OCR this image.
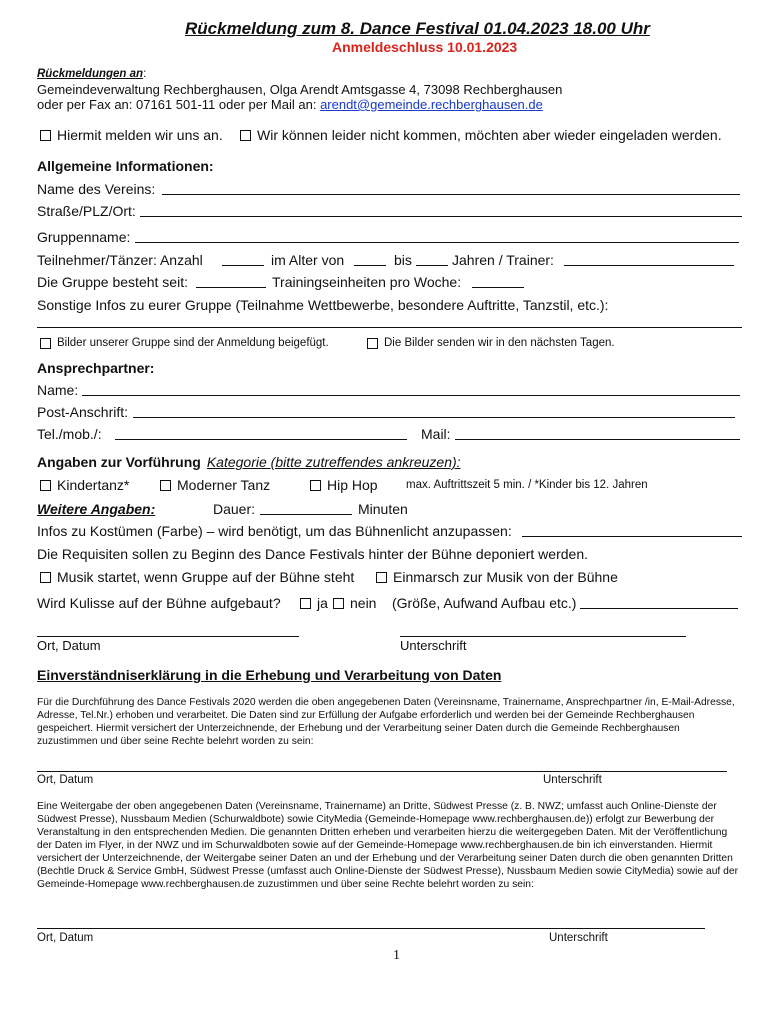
Rückmeldung zum 8. Dance Festival 01.04.2023 18.00 Uhr
Anmeldeschluss 10.01.2023
Rückmeldungen an:
Gemeindeverwaltung Rechberghausen, Olga Arendt Amtsgasse 4, 73098 Rechberghausen
oder per Fax an: 07161 501-11 oder per Mail an: arendt@gemeinde.rechberghausen.de
Hiermit melden wir uns an. Wir können leider nicht kommen, möchten aber wieder eingeladen werden.
Allgemeine Informationen:
Name des Vereins:
Straße/PLZ/Ort:
Gruppenname:
Teilnehmer/Tänzer: Anzahl	im Alter von	bis	Jahren / Trainer:
Die Gruppe besteht seit:	Trainingseinheiten pro Woche:
Sonstige Infos zu eurer Gruppe (Teilnahme Wettbewerbe, besondere Auftritte, Tanzstil, etc.):
Bilder unserer Gruppe sind der Anmeldung beigefügt.	Die Bilder senden wir in den nächsten Tagen.
Ansprechpartner:
Name:
Post-Anschrift:
Tel./mob./:	Mail:
Angaben zur Vorführung Kategorie (bitte zutreffendes ankreuzen):
Kindertanz*	Moderner Tanz	Hip Hop max. Auftrittszeit 5 min. / *Kinder bis 12. Jahren
Weitere Angaben:	Dauer:	Minuten
Infos zu Kostümen (Farbe) – wird benötigt, um das Bühnenlicht anzupassen:
Die Requisiten sollen zu Beginn des Dance Festivals hinter der Bühne deponiert werden.
Musik startet, wenn Gruppe auf der Bühne steht	Einmarsch zur Musik von der Bühne
Wird Kulisse auf der Bühne aufgebaut?	ja nein (Größe, Aufwand Aufbau etc.)
Ort, Datum	Unterschrift
Einverständniserklärung in die Erhebung und Verarbeitung von Daten
Für die Durchführung des Dance Festivals 2020 werden die oben angegebenen Daten (Vereinsname, Trainername, Ansprechpartner /in, E-Mail-Adresse, Adresse, Tel.Nr.) erhoben und verarbeitet. Die Daten sind zur Erfüllung der Aufgabe erforderlich und werden bei der Gemeinde Rechberghausen gespeichert. Hiermit versichert der Unterzeichnende, der Erhebung und der Verarbeitung seiner Daten durch die Gemeinde Rechberghausen zuzustimmen und über seine Rechte belehrt worden zu sein:
Ort, Datum	Unterschrift
Eine Weitergabe der oben angegebenen Daten (Vereinsname, Trainername) an Dritte, Südwest Presse (z. B. NWZ; umfasst auch Online-Dienste der Südwest Presse), Nussbaum Medien (Schurwaldbote) sowie CityMedia (Gemeinde-Homepage www.rechberghausen.de)) erfolgt zur Bewerbung der Veranstaltung in den entsprechenden Medien. Die genannten Dritten erheben und verarbeiten hierzu die weitergegeben Daten. Mit der Veröffentlichung der Daten im Flyer, in der NWZ und im Schurwaldboten sowie auf der Gemeinde-Homepage www.rechberghausen.de bin ich einverstanden. Hiermit versichert der Unterzeichnende, der Weitergabe seiner Daten an und der Erhebung und der Verarbeitung seiner Daten durch die oben genannten Dritten (Bechtle Druck & Service GmbH, Südwest Presse (umfasst auch Online-Dienste der Südwest Presse), Nussbaum Medien sowie CityMedia) sowie auf der Gemeinde-Homepage www.rechberghausen.de zuzustimmen und über seine Rechte belehrt worden zu sein:
Ort, Datum	Unterschrift
1
